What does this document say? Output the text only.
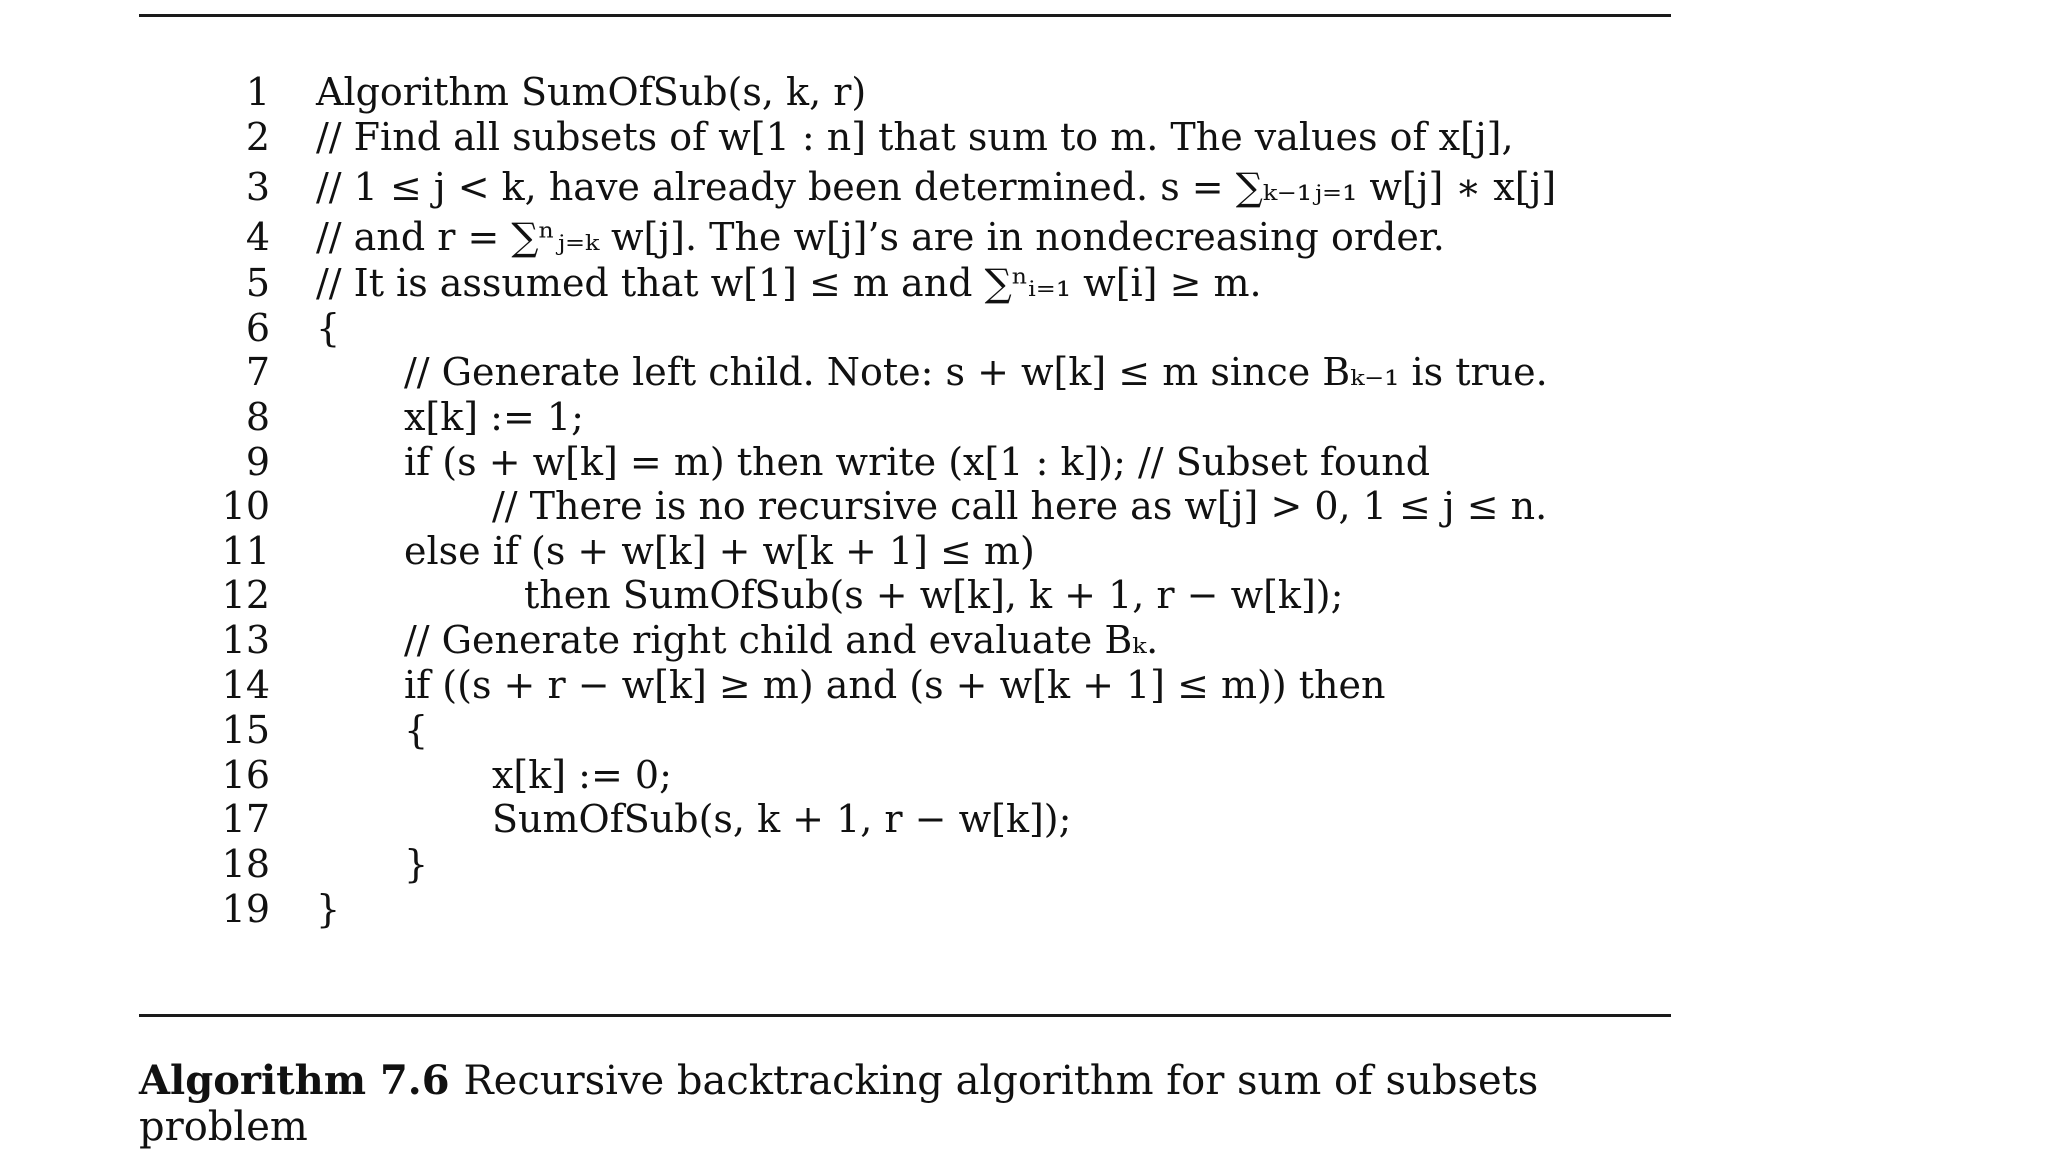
1 Algorithm SumOfSub(s, k, r)
2 // Find all subsets of w[1 : n] that sum to m. The values of x[j],
3 // 1 ≤ j < k, have already been determined. s = ∑ₖ₋₁ⱼ₌₁ w[j] ∗ x[j]
4 // and r = ∑ⁿⱼ₌ₖ w[j]. The w[j]’s are in nondecreasing order.
5 // It is assumed that w[1] ≤ m and ∑ⁿᵢ₌₁ w[i] ≥ m.
6 {
7	// Generate left child. Note: s + w[k] ≤ m since Bₖ₋₁ is true.
8	x[k] := 1;
9	if (s + w[k] = m) then write (x[1 : k]); // Subset found
10	// There is no recursive call here as w[j] > 0, 1 ≤ j ≤ n.
11	else if (s + w[k] + w[k + 1] ≤ m)
12	then SumOfSub(s + w[k], k + 1, r − w[k]);
13	// Generate right child and evaluate Bₖ.
14	if ((s + r − w[k] ≥ m) and (s + w[k + 1] ≤ m)) then
15	{
16	x[k] := 0;
17	SumOfSub(s, k + 1, r − w[k]);
18	}
19 }
Algorithm 7.6 Recursive backtracking algorithm for sum of subsets problem
